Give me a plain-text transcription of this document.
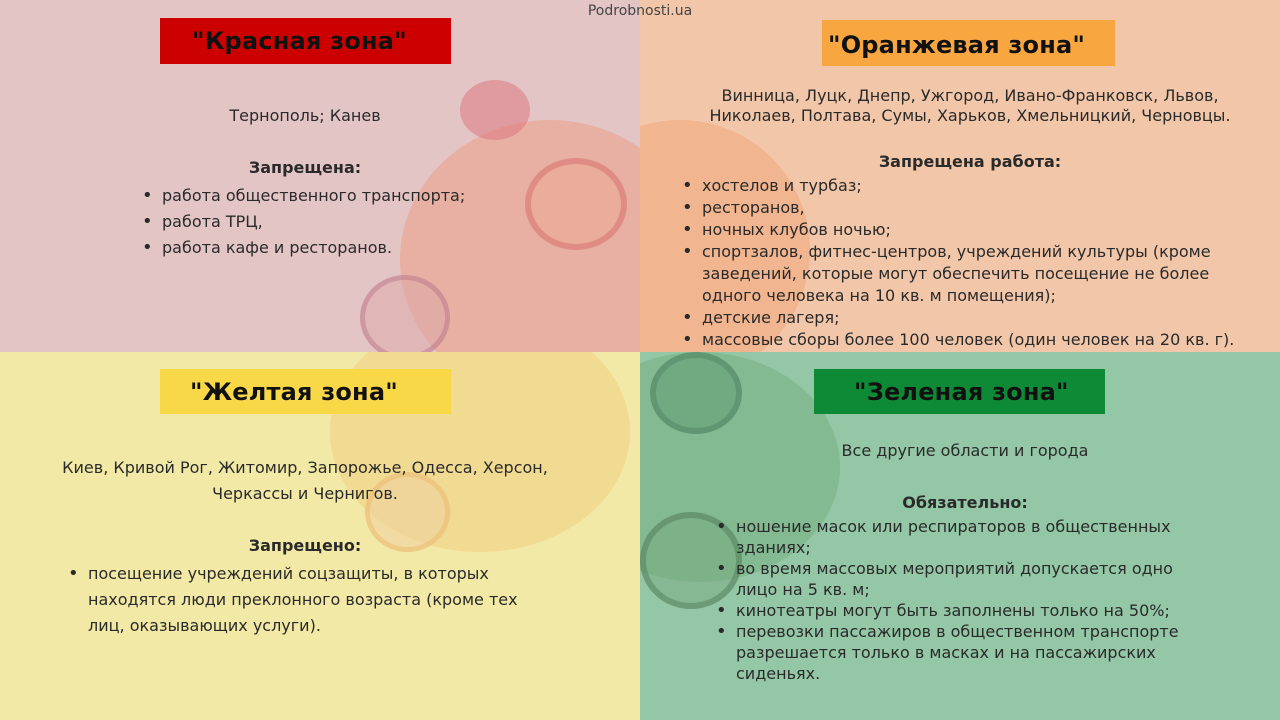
Podrobnosti.ua
"Красная зона"	"Оранжевая зона"
"Желтая зона"	"Зеленая зона"
Тернополь; Канев
Запрещена:
• работа общественного транспорта;
• работа ТРЦ,
• работа кафе и ресторанов.
Винница, Луцк, Днепр, Ужгород, Ивано-Франковск, Львов,
Николаев, Полтава, Сумы, Харьков, Хмельницкий, Черновцы.
Запрещена работа:
• хостелов и турбаз;
• ресторанов,
• ночных клубов ночью;
• спортзалов, фитнес-центров, учреждений культуры (кроме заведений, которые могут обеспечить посещение не более одного человека на 10 кв. м помещения);
• детские лагеря;
• массовые сборы более 100 человек (один человек на 20 кв. г).
Киев, Кривой Рог, Житомир, Запорожье, Одесса, Херсон,
Черкассы и Чернигов.
Запрещено:
• посещение учреждений соцзащиты, в которых находятся люди преклонного возраста (кроме тех лиц, оказывающих услуги).
Все другие области и города
Обязательно:
• ношение масок или респираторов в общественных зданиях;
• во время массовых мероприятий допускается одно лицо на 5 кв. м;
• кинотеатры могут быть заполнены только на 50%;
• перевозки пассажиров в общественном транспорте разрешается только в масках и на пассажирских сиденьях.
